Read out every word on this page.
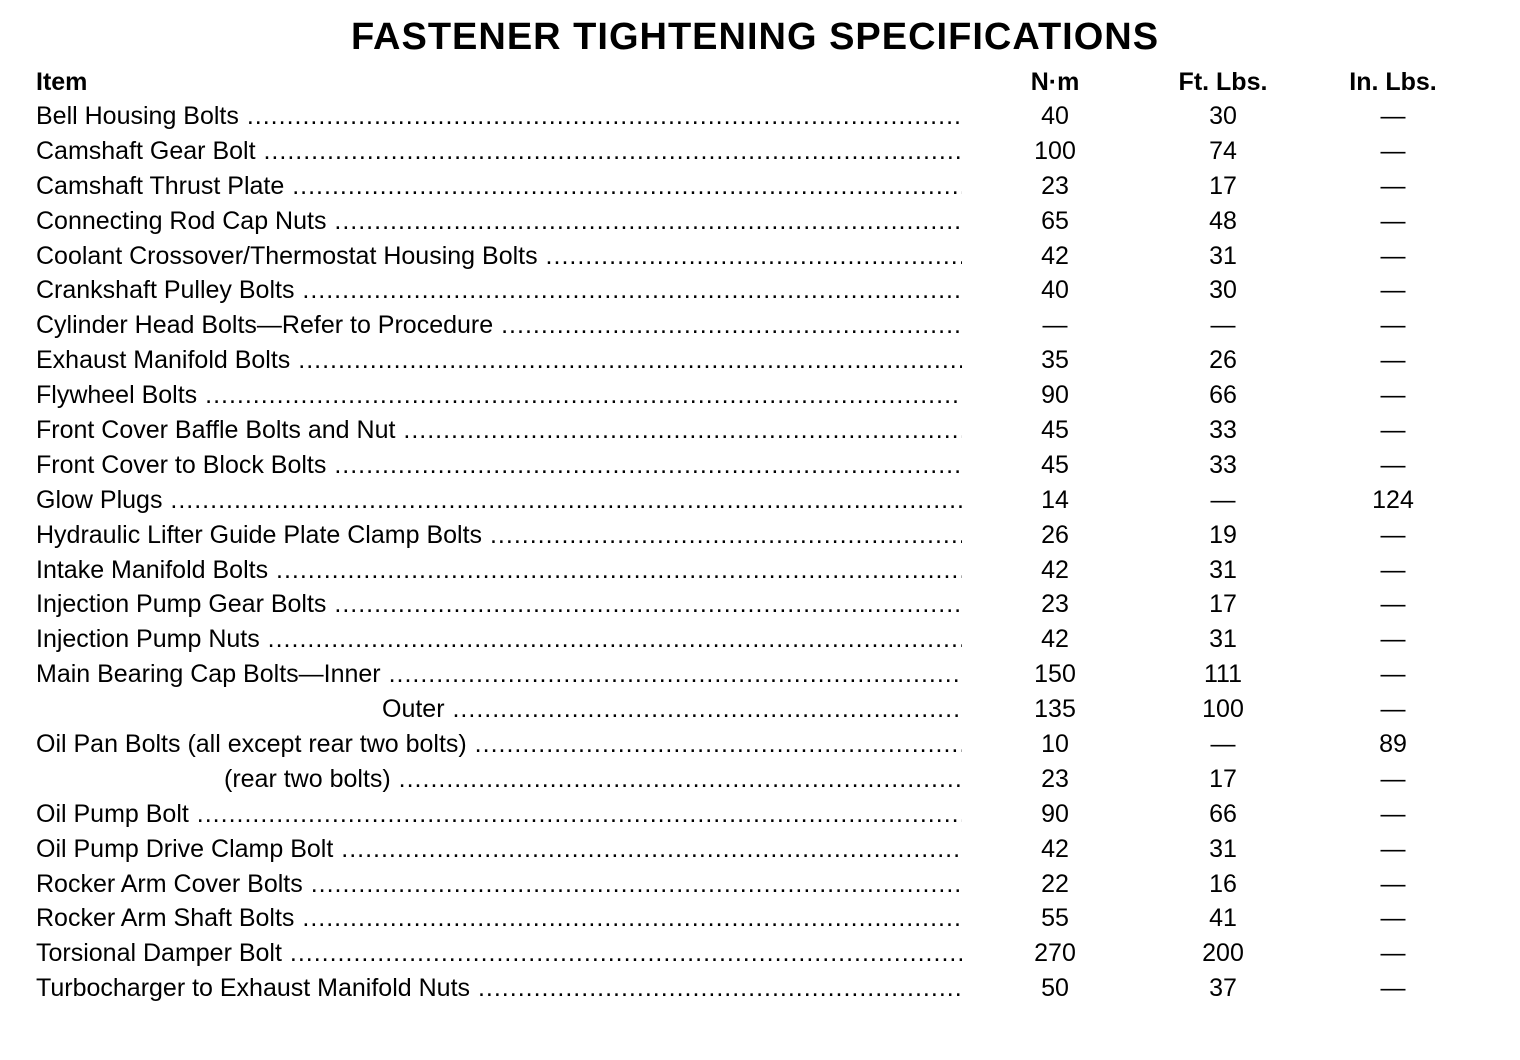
FASTENER TIGHTENING SPECIFICATIONS
Item	N·m	Ft. Lbs.	In. Lbs.
Bell Housing Bolts .....	40	30	—
Camshaft Gear Bolt .....	100	74	—
Camshaft Thrust Plate .....	23	17	—
Connecting Rod Cap Nuts .....	65	48	—
Coolant Crossover/Thermostat Housing Bolts .....	42	31	—
Crankshaft Pulley Bolts .....	40	30	—
Cylinder Head Bolts—Refer to Procedure .....	—	—	—
Exhaust Manifold Bolts .....	35	26	—
Flywheel Bolts .....	90	66	—
Front Cover Baffle Bolts and Nut .....	45	33	—
Front Cover to Block Bolts .....	45	33	—
Glow Plugs .....	14	—	124
Hydraulic Lifter Guide Plate Clamp Bolts .....	26	19	—
Intake Manifold Bolts .....	42	31	—
Injection Pump Gear Bolts .....	23	17	—
Injection Pump Nuts .....	42	31	—
Main Bearing Cap Bolts—Inner .....	150	111	—
Outer .....	135	100	—
Oil Pan Bolts (all except rear two bolts) .....	10	—	89
(rear two bolts) .....	23	17	—
Oil Pump Bolt .....	90	66	—
Oil Pump Drive Clamp Bolt .....	42	31	—
Rocker Arm Cover Bolts .....	22	16	—
Rocker Arm Shaft Bolts .....	55	41	—
Torsional Damper Bolt .....	270	200	—
Turbocharger to Exhaust Manifold Nuts .....	50	37	—
